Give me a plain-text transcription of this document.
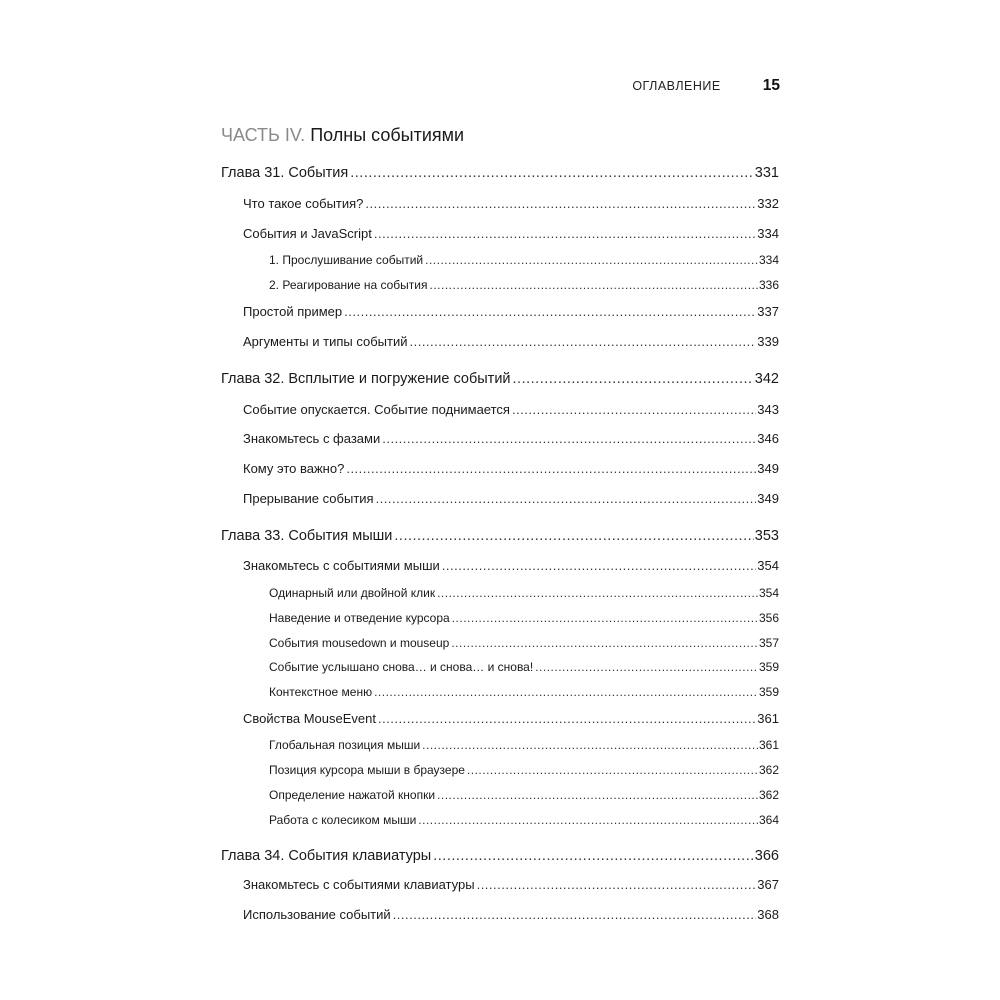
ОГЛАВЛЕНИЕ	15
ЧАСТЬ IV. Полны событиями
Глава 31. События .....	331
Что такое события? .....	332
События и JavaScript .....	334
1. Прослушивание событий .....	334
2. Реагирование на события .....	336
Простой пример .....	337
Аргументы и типы событий .....	339
Глава 32. Всплытие и погружение событий .....	342
Событие опускается. Событие поднимается .....	343
Знакомьтесь с фазами .....	346
Кому это важно? .....	349
Прерывание события .....	349
Глава 33. События мыши .....	353
Знакомьтесь с событиями мыши .....	354
Одинарный или двойной клик .....	354
Наведение и отведение курсора .....	356
События mousedown и mouseup .....	357
Событие услышано снова… и снова… и снова! .....	359
Контекстное меню .....	359
Свойства MouseEvent .....	361
Глобальная позиция мыши .....	361
Позиция курсора мыши в браузере .....	362
Определение нажатой кнопки .....	362
Работа с колесиком мыши .....	364
Глава 34. События клавиатуры .....	366
Знакомьтесь с событиями клавиатуры .....	367
Использование событий .....	368
